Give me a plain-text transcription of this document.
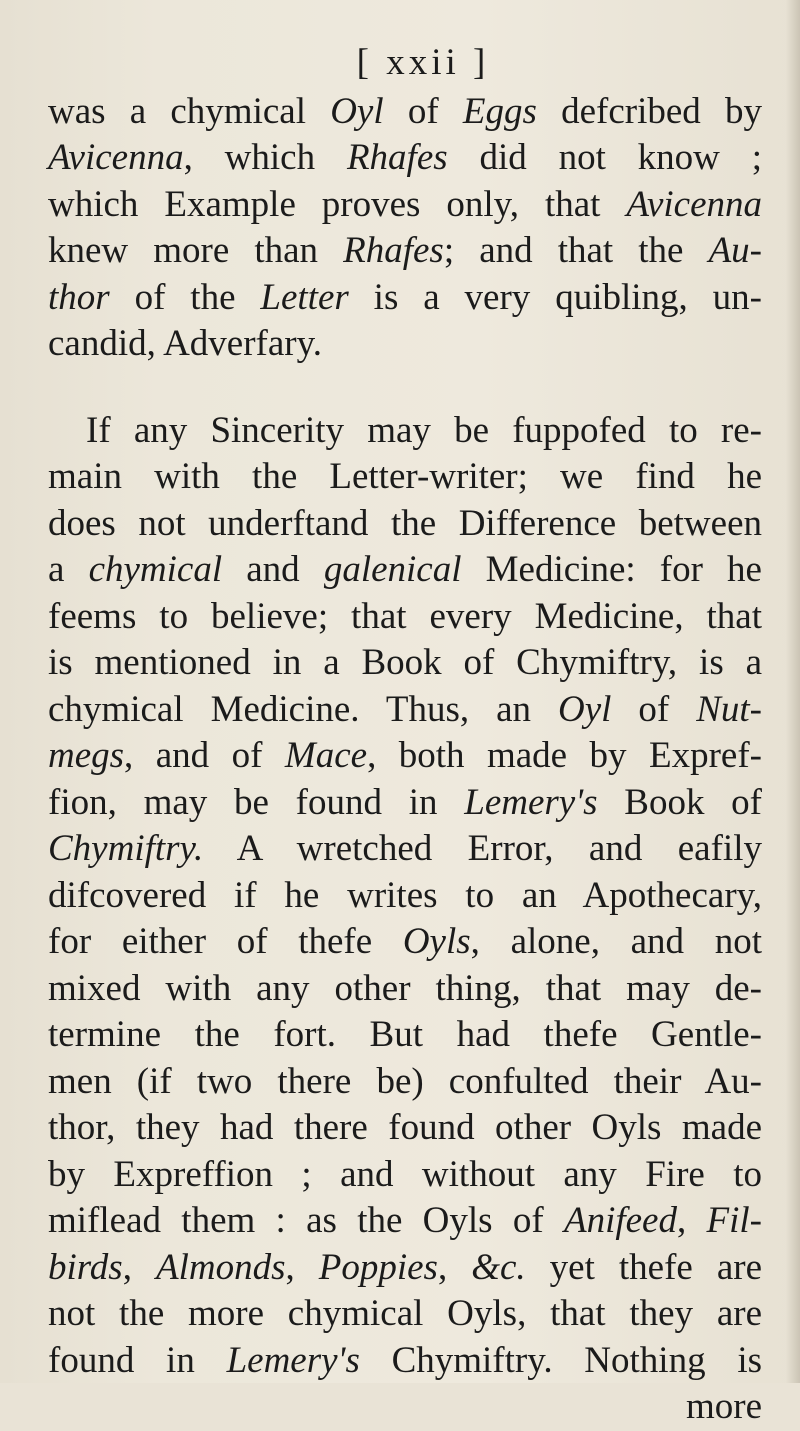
[ xxii ]
was a chymical Oyl of Eggs defcribed by
Avicenna, which Rhafes did not know ;
which Example proves only, that Avicenna
knew more than Rhafes; and that the Au-
thor of the Letter is a very quibling, un-
candid, Adverfary.
If any Sincerity may be fuppofed to re-
main with the Letter-writer; we find he
does not underftand the Difference between
a chymical and galenical Medicine: for he
feems to believe; that every Medicine, that
is mentioned in a Book of Chymiftry, is a
chymical Medicine. Thus, an Oyl of Nut-
megs, and of Mace, both made by Expref-
fion, may be found in Lemery's Book of
Chymiftry. A wretched Error, and eafily
difcovered if he writes to an Apothecary,
for either of thefe Oyls, alone, and not
mixed with any other thing, that may de-
termine the fort. But had thefe Gentle-
men (if two there be) confulted their Au-
thor, they had there found other Oyls made
by Expreffion ; and without any Fire to
miflead them : as the Oyls of Anifeed, Fil-
birds, Almonds, Poppies, &c. yet thefe are
not the more chymical Oyls, that they are
found in Lemery's Chymiftry. Nothing is
more
